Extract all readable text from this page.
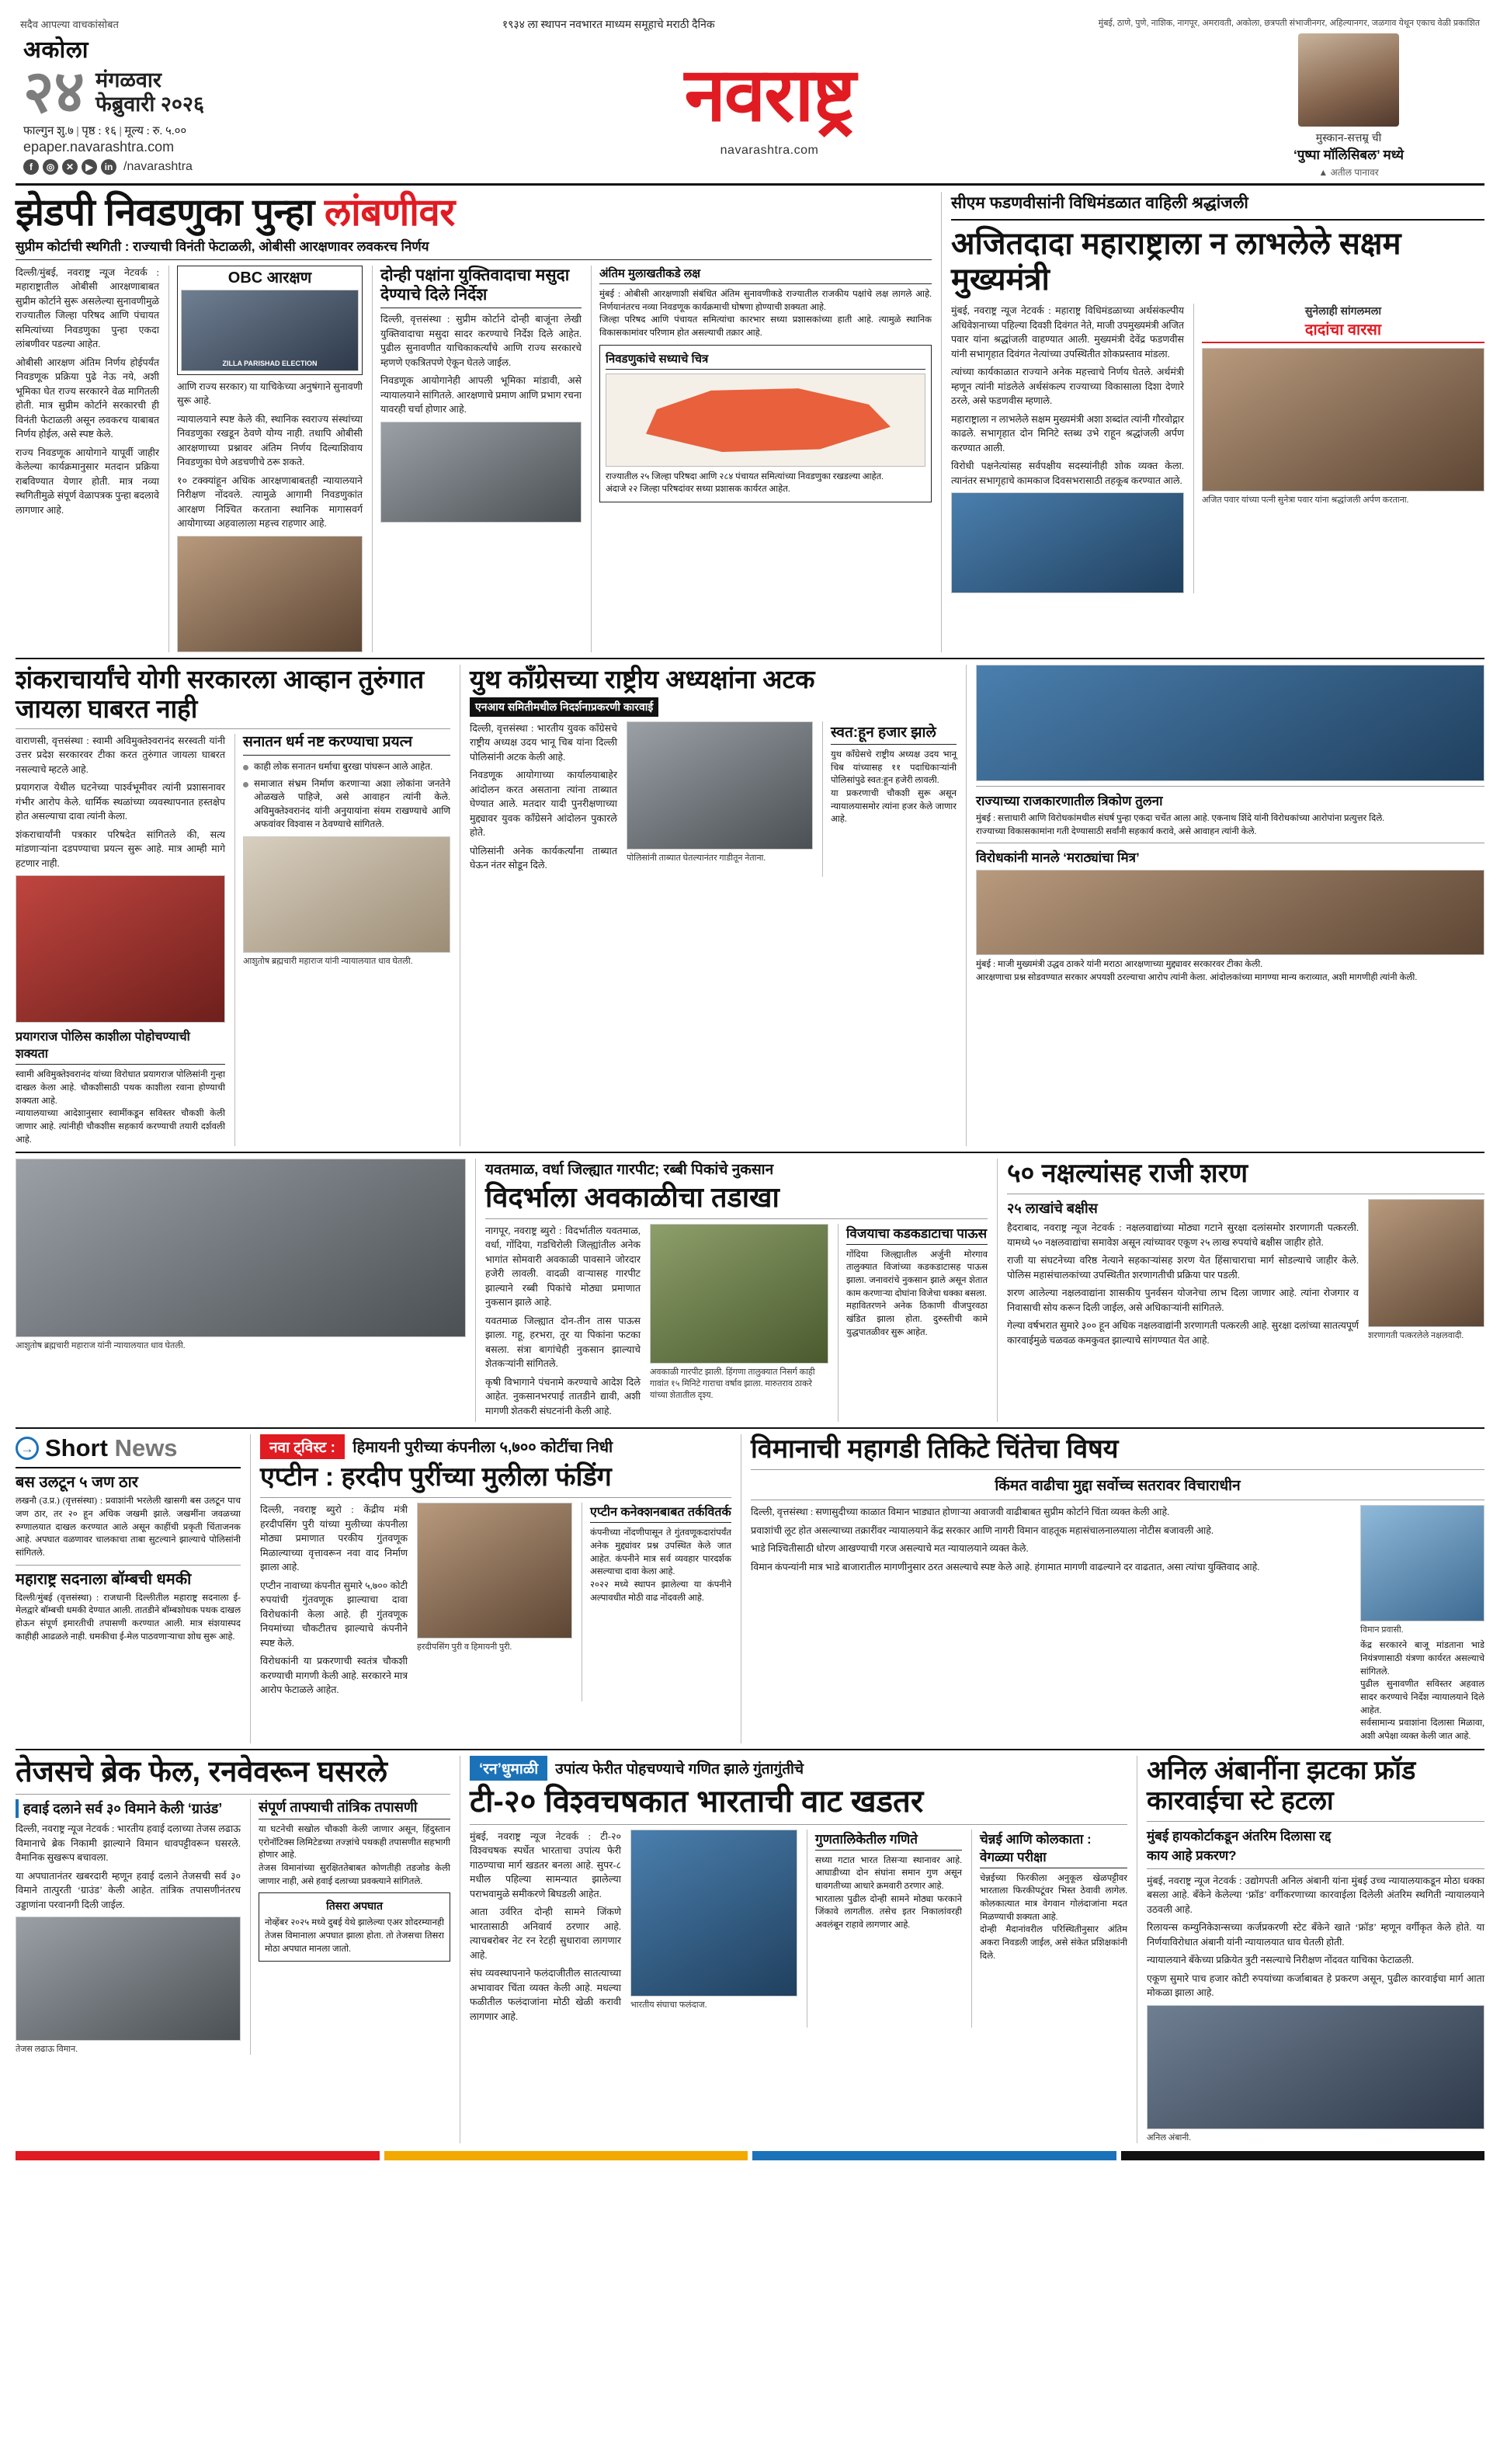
सदैव आपल्या वाचकांसोबत	१९३४ ला स्थापन नवभारत माध्यम समूहाचे मराठी दैनिक	मुंबई, ठाणे, पुणे, नाशिक, नागपूर, अमरावती, अकोला, छत्रपती संभाजीनगर, अहिल्यानगर, जळगाव येथून एकाच वेळी प्रकाशित
अकोला
२४ मंगळवार
फेब्रुवारी २०२६
फाल्गुन शु.७ | पृष्ठ : १६ | मूल्य : रु. ५.००
epaper.navarashtra.com
f	◎	✕	▶	in /navarashtra
नवराष्ट्र
navarashtra.com
मुस्कान-सत्तम्र्र ची
‘पुष्पा मॉलिसिबल’ मध्ये
▲ अतील पानावर
झेडपी निवडणुका पुन्हा लांबणीवर
सुप्रीम कोर्टाची स्थगिती : राज्याची विनंती फेटाळली, ओबीसी आरक्षणावर लवकरच निर्णय

दिल्ली/मुंबई, नवराष्ट्र न्यूज नेटवर्क : महाराष्ट्रातील ओबीसी आरक्षणाबाबत सुप्रीम कोर्टाने सुरू असलेल्या सुनावणीमुळे राज्यातील जिल्हा परिषद आणि पंचायत समित्यांच्या निवडणुका पुन्हा एकदा लांबणीवर पडल्या आहेत.

ओबीसी आरक्षण अंतिम निर्णय होईपर्यंत निवडणूक प्रक्रिया पुढे नेऊ नये, अशी भूमिका घेत राज्य सरकारने वेळ मागितली होती. मात्र सुप्रीम कोर्टाने सरकारची ही विनंती फेटाळली असून लवकरच याबाबत निर्णय होईल, असे स्पष्ट केले.

राज्य निवडणूक आयोगाने यापूर्वी जाहीर केलेल्या कार्यक्रमानुसार मतदान प्रक्रिया राबविण्यात येणार होती. मात्र नव्या स्थगितीमुळे संपूर्ण वेळापत्रक पुन्हा बदलावे लागणार आहे.

OBC आरक्षण
ZILLA PARISHAD ELECTION

आणि राज्य सरकार) या याचिकेच्या अनुषंगाने सुनावणी सुरू आहे.

न्यायालयाने स्पष्ट केले की, स्थानिक स्वराज्य संस्थांच्या निवडणुका रखडून ठेवणे योग्य नाही. तथापि ओबीसी आरक्षणाच्या प्रश्नावर अंतिम निर्णय दिल्याशिवाय निवडणुका घेणे अडचणीचे ठरू शकते.

१० टक्क्यांहून अधिक आरक्षणाबाबतही न्यायालयाने निरीक्षण नोंदवले. त्यामुळे आगामी निवडणुकांत आरक्षण निश्चित करताना स्थानिक मागासवर्ग आयोगाच्या अहवालाला महत्त्व राहणार आहे.

दोन्ही पक्षांना युक्तिवादाचा मसुदा देण्याचे दिले निर्देश

दिल्ली, वृत्तसंस्था : सुप्रीम कोर्टाने दोन्ही बाजूंना लेखी युक्तिवादाचा मसुदा सादर करण्याचे निर्देश दिले आहेत. पुढील सुनावणीत याचिकाकर्त्यांचे आणि राज्य सरकारचे म्हणणे एकत्रितपणे ऐकून घेतले जाईल.

निवडणूक आयोगानेही आपली भूमिका मांडावी, असे न्यायालयाने सांगितले. आरक्षणाचे प्रमाण आणि प्रभाग रचना यावरही चर्चा होणार आहे.

अंतिम मुलाखतीकडे लक्ष

मुंबई : ओबीसी आरक्षणाशी संबंधित अंतिम सुनावणीकडे राज्यातील राजकीय पक्षांचे लक्ष लागले आहे. निर्णयानंतरच नव्या निवडणूक कार्यक्रमाची घोषणा होण्याची शक्यता आहे.

जिल्हा परिषद आणि पंचायत समित्यांचा कारभार सध्या प्रशासकांच्या हाती आहे. त्यामुळे स्थानिक विकासकामांवर परिणाम होत असल्याची तक्रार आहे.

निवडणुकांचे सध्याचे चित्र

राज्यातील २५ जिल्हा परिषदा आणि २८४ पंचायत समित्यांच्या निवडणुका रखडल्या आहेत.

अंदाजे २२ जिल्हा परिषदांवर सध्या प्रशासक कार्यरत आहेत.

सीएम फडणवीसांनी विधिमंडळात वाहिली श्रद्धांजली
अजितदादा महाराष्ट्राला न लाभलेले सक्षम मुख्यमंत्री

मुंबई, नवराष्ट्र न्यूज नेटवर्क : महाराष्ट्र विधिमंडळाच्या अर्थसंकल्पीय अधिवेशनाच्या पहिल्या दिवशी दिवंगत नेते, माजी उपमुख्यमंत्री अजित पवार यांना श्रद्धांजली वाहण्यात आली. मुख्यमंत्री देवेंद्र फडणवीस यांनी सभागृहात दिवंगत नेत्यांच्या उपस्थितीत शोकप्रस्ताव मांडला.

त्यांच्या कार्यकाळात राज्याने अनेक महत्त्वाचे निर्णय घेतले. अर्थमंत्री म्हणून त्यांनी मांडलेले अर्थसंकल्प राज्याच्या विकासाला दिशा देणारे ठरले, असे फडणवीस म्हणाले.

महाराष्ट्राला न लाभलेले सक्षम मुख्यमंत्री अशा शब्दांत त्यांनी गौरवोद्गार काढले. सभागृहात दोन मिनिटे स्तब्ध उभे राहून श्रद्धांजली अर्पण करण्यात आली.

विरोधी पक्षनेत्यांसह सर्वपक्षीय सदस्यांनीही शोक व्यक्त केला. त्यानंतर सभागृहाचे कामकाज दिवसभरासाठी तहकूब करण्यात आले.

सुनेलाही सांगलमला
दादांचा वारसा
अजित पवार यांच्या पत्नी सुनेत्रा पवार यांना श्रद्धांजली अर्पण करताना.
शंकराचार्यांचे योगी सरकारला आव्हान तुरुंगात जायला घाबरत नाही

वाराणसी, वृत्तसंस्था : स्वामी अविमुक्तेश्वरानंद सरस्वती यांनी उत्तर प्रदेश सरकारवर टीका करत तुरुंगात जायला घाबरत नसल्याचे म्हटले आहे.

प्रयागराज येथील घटनेच्या पार्श्वभूमीवर त्यांनी प्रशासनावर गंभीर आरोप केले. धार्मिक स्थळांच्या व्यवस्थापनात हस्तक्षेप होत असल्याचा दावा त्यांनी केला.

शंकराचार्यांनी पत्रकार परिषदेत सांगितले की, सत्य मांडणाऱ्यांना दडपण्याचा प्रयत्न सुरू आहे. मात्र आम्ही मागे हटणार नाही.

प्रयागराज पोलिस काशीला पोहोचण्याची शक्यता

स्वामी अविमुक्तेश्वरानंद यांच्या विरोधात प्रयागराज पोलिसांनी गुन्हा दाखल केला आहे. चौकशीसाठी पथक काशीला रवाना होण्याची शक्यता आहे.

न्यायालयाच्या आदेशानुसार स्वामींकडून सविस्तर चौकशी केली जाणार आहे. त्यांनीही चौकशीस सहकार्य करण्याची तयारी दर्शवली आहे.

सनातन धर्म नष्ट करण्याचा प्रयत्न
काही लोक सनातन धर्माचा बुरखा पांघरून आले आहेत.
समाजात संभ्रम निर्माण करणाऱ्या अशा लोकांना जनतेने ओळखले पाहिजे, असे आवाहन त्यांनी केले. अविमुक्तेश्वरानंद यांनी अनुयायांना संयम राखण्याचे आणि अफवांवर विश्वास न ठेवण्याचे सांगितले.
आशुतोष ब्रह्मचारी महाराज यांनी न्यायालयात धाव घेतली.
युथ काँग्रेसच्या राष्ट्रीय अध्यक्षांना अटक
एनआय समितीमधील निदर्शनाप्रकरणी कारवाई

दिल्ली, वृत्तसंस्था : भारतीय युवक काँग्रेसचे राष्ट्रीय अध्यक्ष उदय भानू चिब यांना दिल्ली पोलिसांनी अटक केली आहे.

निवडणूक आयोगाच्या कार्यालयाबाहेर आंदोलन करत असताना त्यांना ताब्यात घेण्यात आले. मतदार यादी पुनरीक्षणाच्या मुद्द्यावर युवक काँग्रेसने आंदोलन पुकारले होते.

पोलिसांनी अनेक कार्यकर्त्यांना ताब्यात घेऊन नंतर सोडून दिले.

पोलिसांनी ताब्यात घेतल्यानंतर गाडीतून नेताना.
स्वत:हून हजार झाले

युथ काँग्रेसचे राष्ट्रीय अध्यक्ष उदय भानू चिब यांच्यासह ११ पदाधिकाऱ्यांनी पोलिसांपुढे स्वत:हून हजेरी लावली.

या प्रकरणाची चौकशी सुरू असून न्यायालयासमोर त्यांना हजर केले जाणार आहे.

राज्याच्या राजकारणातील त्रिकोण तुलना

मुंबई : सत्ताधारी आणि विरोधकांमधील संघर्ष पुन्हा एकदा चर्चेत आला आहे. एकनाथ शिंदे यांनी विरोधकांच्या आरोपांना प्रत्युत्तर दिले.

राज्याच्या विकासकामांना गती देण्यासाठी सर्वांनी सहकार्य करावे, असे आवाहन त्यांनी केले.

विरोधकांनी मानले ‘मराठ्यांचा मित्र’

मुंबई : माजी मुख्यमंत्री उद्धव ठाकरे यांनी मराठा आरक्षणाच्या मुद्द्यावर सरकारवर टीका केली.

आरक्षणाचा प्रश्न सोडवण्यात सरकार अपयशी ठरल्याचा आरोप त्यांनी केला. आंदोलकांच्या मागण्या मान्य कराव्यात, अशी मागणीही त्यांनी केली.

आशुतोष ब्रह्मचारी महाराज यांनी न्यायालयात धाव घेतली.
यवतमाळ, वर्धा जिल्ह्यात गारपीट; रब्बी पिकांचे नुकसान
विदर्भाला अवकाळीचा तडाखा

नागपूर, नवराष्ट्र ब्युरो : विदर्भातील यवतमाळ, वर्धा, गोंदिया, गडचिरोली जिल्ह्यांतील अनेक भागांत सोमवारी अवकाळी पावसाने जोरदार हजेरी लावली. वादळी वाऱ्यासह गारपीट झाल्याने रब्बी पिकांचे मोठ्या प्रमाणात नुकसान झाले आहे.

यवतमाळ जिल्ह्यात दोन-तीन तास पाऊस झाला. गहू, हरभरा, तूर या पिकांना फटका बसला. संत्रा बागांचेही नुकसान झाल्याचे शेतकऱ्यांनी सांगितले.

कृषी विभागाने पंचनामे करण्याचे आदेश दिले आहेत. नुकसानभरपाई तातडीने द्यावी, अशी मागणी शेतकरी संघटनांनी केली आहे.

अवकाळी गारपीट झाली. हिंगणा तालुक्यात निसर्ग काही गावांत १५ मिनिटे गाराचा वर्षाव झाला. मारुतराव ठाकरे यांच्या शेतातील दृश्य.
विजयाचा कडकडाटाचा पाऊस

गोंदिया जिल्ह्यातील अर्जुनी मोरगाव तालुक्यात विजांच्या कडकडाटासह पाऊस झाला. जनावरांचे नुकसान झाले असून शेतात काम करणाऱ्या दोघांना विजेचा धक्का बसला.

महावितरणने अनेक ठिकाणी वीजपुरवठा खंडित झाला होता. दुरुस्तीची कामे युद्धपातळीवर सुरू आहेत.

५० नक्षल्यांसह राजी शरण
२५ लाखांचे बक्षीस

हैदराबाद, नवराष्ट्र न्यूज नेटवर्क : नक्षलवाद्यांच्या मोठ्या गटाने सुरक्षा दलांसमोर शरणागती पत्करली. यामध्ये ५० नक्षलवाद्यांचा समावेश असून त्यांच्यावर एकूण २५ लाख रुपयांचे बक्षीस जाहीर होते.

राजी या संघटनेच्या वरिष्ठ नेत्याने सहकाऱ्यांसह शरण येत हिंसाचाराचा मार्ग सोडल्याचे जाहीर केले. पोलिस महासंचालकांच्या उपस्थितीत शरणागतीची प्रक्रिया पार पडली.

शरण आलेल्या नक्षलवाद्यांना शासकीय पुनर्वसन योजनेचा लाभ दिला जाणार आहे. त्यांना रोजगार व निवासाची सोय करून दिली जाईल, असे अधिकाऱ्यांनी सांगितले.

गेल्या वर्षभरात सुमारे ३०० हून अधिक नक्षलवाद्यांनी शरणागती पत्करली आहे. सुरक्षा दलांच्या सातत्यपूर्ण कारवाईमुळे चळवळ कमकुवत झाल्याचे सांगण्यात येत आहे.	शरणागती पत्करलेले नक्षलवादी.
→ Short News
बस उलटून ५ जण ठार
लखनौ (उ.प्र.) (वृत्तसंस्था) : प्रवाशांनी भरलेली खासगी बस उलटून पाच जण ठार, तर २० हून अधिक जखमी झाले. जखमींना जवळच्या रुग्णालयात दाखल करण्यात आले असून काहींची प्रकृती चिंताजनक आहे. अपघात वळणावर चालकाचा ताबा सुटल्याने झाल्याचे पोलिसांनी सांगितले.
महाराष्ट्र सदनाला बॉम्बची धमकी
दिल्ली/मुंबई (वृत्तसंस्था) : राजधानी दिल्लीतील महाराष्ट्र सदनाला ई-मेलद्वारे बॉम्बची धमकी देण्यात आली. तातडीने बॉम्बशोधक पथक दाखल होऊन संपूर्ण इमारतीची तपासणी करण्यात आली. मात्र संशयास्पद काहीही आढळले नाही. धमकीचा ई-मेल पाठवणाऱ्याचा शोध सुरू आहे.
नवा ट्विस्ट : हिमायनी पुरीच्या कंपनीला ५,७०० कोटींचा निधी
एप्टीन : हरदीप पुरींच्या मुलीला फंडिंग

दिल्ली, नवराष्ट्र ब्युरो : केंद्रीय मंत्री हरदीपसिंग पुरी यांच्या मुलीच्या कंपनीला मोठ्या प्रमाणात परकीय गुंतवणूक मिळाल्याच्या वृत्तावरून नवा वाद निर्माण झाला आहे.

एप्टीन नावाच्या कंपनीत सुमारे ५,७०० कोटी रुपयांची गुंतवणूक झाल्याचा दावा विरोधकांनी केला आहे. ही गुंतवणूक नियमांच्या चौकटीतच झाल्याचे कंपनीने स्पष्ट केले.

विरोधकांनी या प्रकरणाची स्वतंत्र चौकशी करण्याची मागणी केली आहे. सरकारने मात्र आरोप फेटाळले आहेत.

हरदीपसिंग पुरी व हिमायनी पुरी.
एप्टीन कनेक्शनबाबत तर्कवितर्क

कंपनीच्या नोंदणीपासून ते गुंतवणूकदारांपर्यंत अनेक मुद्द्यांवर प्रश्न उपस्थित केले जात आहेत. कंपनीने मात्र सर्व व्यवहार पारदर्शक असल्याचा दावा केला आहे.

२०२२ मध्ये स्थापन झालेल्या या कंपनीने अल्पावधीत मोठी वाढ नोंदवली आहे.

विमानाची महागडी तिकिटे चिंतेचा विषय
किंमत वाढीचा मुद्दा सर्वोच्च सतरावर विचाराधीन

दिल्ली, वृत्तसंस्था : सणासुदीच्या काळात विमान भाड्यात होणाऱ्या अवाजवी वाढीबाबत सुप्रीम कोर्टाने चिंता व्यक्त केली आहे.

प्रवाशांची लूट होत असल्याच्या तक्रारींवर न्यायालयाने केंद्र सरकार आणि नागरी विमान वाहतूक महासंचालनालयाला नोटीस बजावली आहे.

भाडे निश्चितीसाठी धोरण आखण्याची गरज असल्याचे मत न्यायालयाने व्यक्त केले.

विमान कंपन्यांनी मात्र भाडे बाजारातील मागणीनुसार ठरत असल्याचे स्पष्ट केले आहे. हंगामात मागणी वाढल्याने दर वाढतात, असा त्यांचा युक्तिवाद आहे.

विमान प्रवासी.

केंद्र सरकारने बाजू मांडताना भाडे नियंत्रणासाठी यंत्रणा कार्यरत असल्याचे सांगितले.

पुढील सुनावणीत सविस्तर अहवाल सादर करण्याचे निर्देश न्यायालयाने दिले आहेत.

सर्वसामान्य प्रवाशांना दिलासा मिळावा, अशी अपेक्षा व्यक्त केली जात आहे.

तेजसचे ब्रेक फेल, रनवेवरून घसरले
हवाई दलाने सर्व ३० विमाने केली ‘ग्राउंड’

दिल्ली, नवराष्ट्र न्यूज नेटवर्क : भारतीय हवाई दलाच्या तेजस लढाऊ विमानाचे ब्रेक निकामी झाल्याने विमान धावपट्टीवरून घसरले. वैमानिक सुखरूप बचावला.

या अपघातानंतर खबरदारी म्हणून हवाई दलाने तेजसची सर्व ३० विमाने तात्पुरती ‘ग्राउंड’ केली आहेत. तांत्रिक तपासणीनंतरच उड्डाणांना परवानगी दिली जाईल.

तेजस लढाऊ विमान.
संपूर्ण ताफ्याची तांत्रिक तपासणी

या घटनेची सखोल चौकशी केली जाणार असून, हिंदुस्तान एरोनॉटिक्स लिमिटेडच्या तज्ज्ञांचे पथकही तपासणीत सहभागी होणार आहे.

तेजस विमानांच्या सुरक्षिततेबाबत कोणतीही तडजोड केली जाणार नाही, असे हवाई दलाच्या प्रवक्त्याने सांगितले.

तिसरा अपघात
नोव्हेंबर २०२५ मध्ये दुबई येथे झालेल्या एअर शोदरम्यानही तेजस विमानाला अपघात झाला होता. तो तेजसचा तिसरा मोठा अपघात मानला जातो.
‘रन’धुमाळी	उपांत्य फेरीत पोहचण्याचे गणित झाले गुंतागुंतीचे
टी-२० विश्वचषकात भारताची वाट खडतर

मुंबई, नवराष्ट्र न्यूज नेटवर्क : टी-२० विश्वचषक स्पर्धेत भारताचा उपांत्य फेरी गाठण्याचा मार्ग खडतर बनला आहे. सुपर-८ मधील पहिल्या सामन्यात झालेल्या पराभवामुळे समीकरणे बिघडली आहेत.

आता उर्वरित दोन्ही सामने जिंकणे भारतासाठी अनिवार्य ठरणार आहे. त्याचबरोबर नेट रन रेटही सुधारावा लागणार आहे.

संघ व्यवस्थापनाने फलंदाजीतील सातत्याच्या अभावावर चिंता व्यक्त केली आहे. मधल्या फळीतील फलंदाजांना मोठी खेळी करावी लागणार आहे.

भारतीय संघाचा फलंदाज.
गुणतालिकेतील गणिते

सध्या गटात भारत तिसऱ्या स्थानावर आहे. आघाडीच्या दोन संघांना समान गुण असून धावगतीच्या आधारे क्रमवारी ठरणार आहे.

भारताला पुढील दोन्ही सामने मोठ्या फरकाने जिंकावे लागतील. तसेच इतर निकालांवरही अवलंबून राहावे लागणार आहे.

चेन्नई आणि कोलकाता : वेगळ्या परीक्षा

चेन्नईच्या फिरकीला अनुकूल खेळपट्टीवर भारताला फिरकीपटूंवर भिस्त ठेवावी लागेल. कोलकात्यात मात्र वेगवान गोलंदाजांना मदत मिळण्याची शक्यता आहे.

दोन्ही मैदानांवरील परिस्थितीनुसार अंतिम अकरा निवडली जाईल, असे संकेत प्रशिक्षकांनी दिले.

अनिल अंबानींना झटका फ्रॉड कारवाईचा स्टे हटला
मुंबई हायकोर्टाकडून अंतरिम दिलासा रद्द
काय आहे प्रकरण?

मुंबई, नवराष्ट्र न्यूज नेटवर्क : उद्योगपती अनिल अंबानी यांना मुंबई उच्च न्यायालयाकडून मोठा धक्का बसला आहे. बँकेने केलेल्या ‘फ्रॉड’ वर्गीकरणाच्या कारवाईला दिलेली अंतरिम स्थगिती न्यायालयाने उठवली आहे.

रिलायन्स कम्युनिकेशन्सच्या कर्जप्रकरणी स्टेट बँकेने खाते ‘फ्रॉड’ म्हणून वर्गीकृत केले होते. या निर्णयाविरोधात अंबानी यांनी न्यायालयात धाव घेतली होती.

न्यायालयाने बँकेच्या प्रक्रियेत त्रुटी नसल्याचे निरीक्षण नोंदवत याचिका फेटाळली.

एकूण सुमारे पाच हजार कोटी रुपयांच्या कर्जाबाबत हे प्रकरण असून, पुढील कारवाईचा मार्ग आता मोकळा झाला आहे.

अनिल अंबानी.
